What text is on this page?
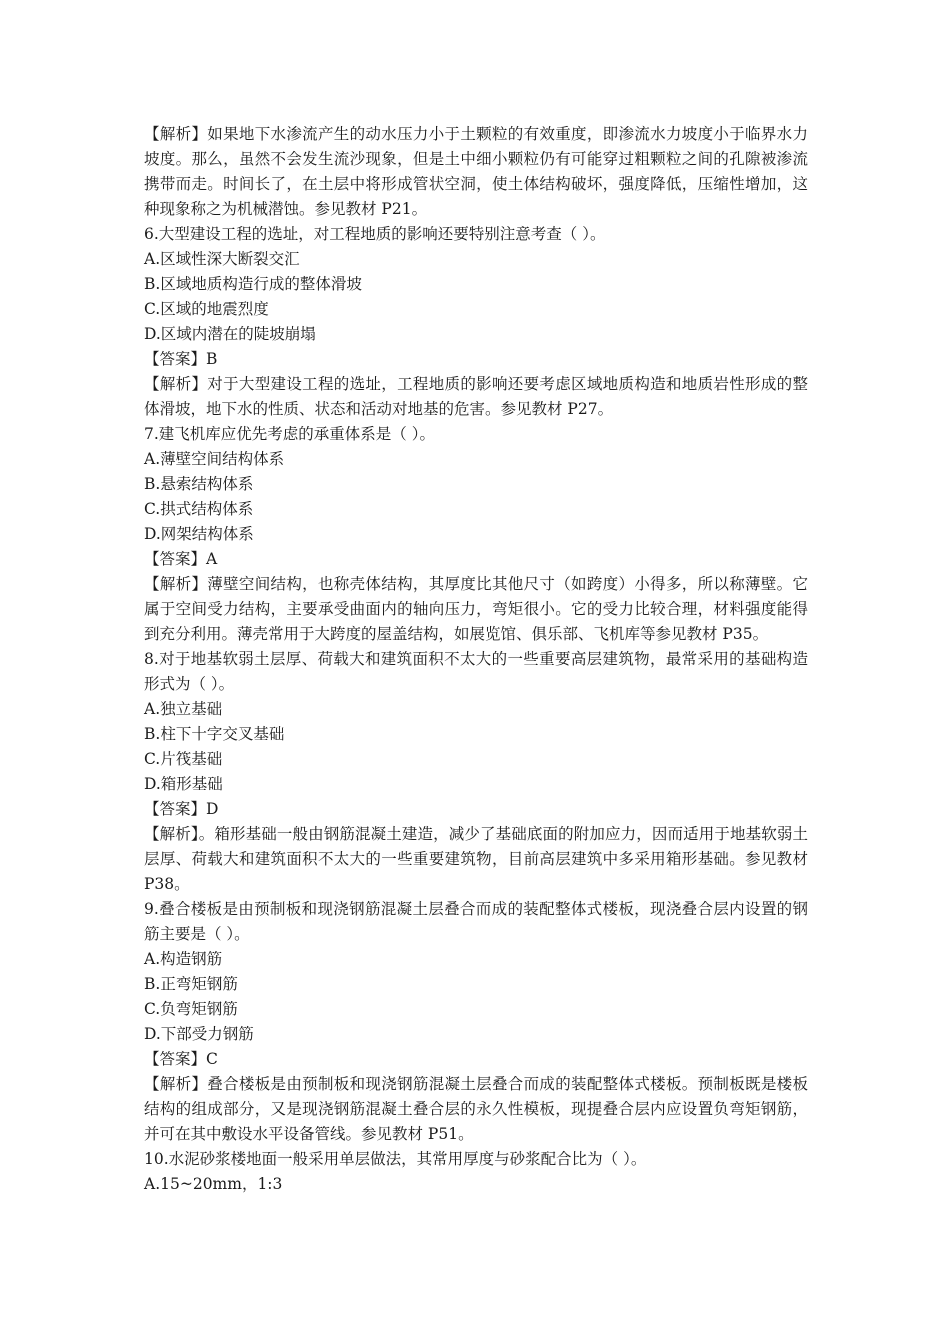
【解析】如果地下水渗流产生的动水压力小于土颗粒的有效重度，即渗流水力坡度小于临界水力坡度。那么，虽然不会发生流沙现象，但是土中细小颗粒仍有可能穿过粗颗粒之间的孔隙被渗流携带而走。时间长了，在土层中将形成管状空洞，使土体结构破坏，强度降低，压缩性增加，这种现象称之为机械潜蚀。参见教材 P21。

6.大型建设工程的选址，对工程地质的影响还要特别注意考查（ ）。

A.区域性深大断裂交汇

B.区域地质构造行成的整体滑坡

C.区域的地震烈度

D.区域内潜在的陡坡崩塌

【答案】B

【解析】对于大型建设工程的选址，工程地质的影响还要考虑区域地质构造和地质岩性形成的整体滑坡，地下水的性质、状态和活动对地基的危害。参见教材 P27。

7.建飞机库应优先考虑的承重体系是（ ）。

A.薄壁空间结构体系

B.悬索结构体系

C.拱式结构体系

D.网架结构体系

【答案】A

【解析】薄壁空间结构，也称壳体结构，其厚度比其他尺寸（如跨度）小得多，所以称薄壁。它属于空间受力结构，主要承受曲面内的轴向压力，弯矩很小。它的受力比较合理，材料强度能得到充分利用。薄壳常用于大跨度的屋盖结构，如展览馆、俱乐部、飞机库等参见教材 P35。

8.对于地基软弱土层厚、荷载大和建筑面积不太大的一些重要高层建筑物，最常采用的基础构造形式为（ ）。

A.独立基础

B.柱下十字交叉基础

C.片筏基础

D.箱形基础

【答案】D

【解析】。箱形基础一般由钢筋混凝土建造，减少了基础底面的附加应力，因而适用于地基软弱土层厚、荷载大和建筑面积不太大的一些重要建筑物，目前高层建筑中多采用箱形基础。参见教材 P38。

9.叠合楼板是由预制板和现浇钢筋混凝土层叠合而成的装配整体式楼板，现浇叠合层内设置的钢筋主要是（ ）。

A.构造钢筋

B.正弯矩钢筋

C.负弯矩钢筋

D.下部受力钢筋

【答案】C

【解析】叠合楼板是由预制板和现浇钢筋混凝土层叠合而成的装配整体式楼板。预制板既是楼板结构的组成部分，又是现浇钢筋混凝土叠合层的永久性模板，现提叠合层内应设置负弯矩钢筋，并可在其中敷设水平设备管线。参见教材 P51。

10.水泥砂浆楼地面一般采用单层做法，其常用厚度与砂浆配合比为（ ）。

A.15~20mm，1:3
